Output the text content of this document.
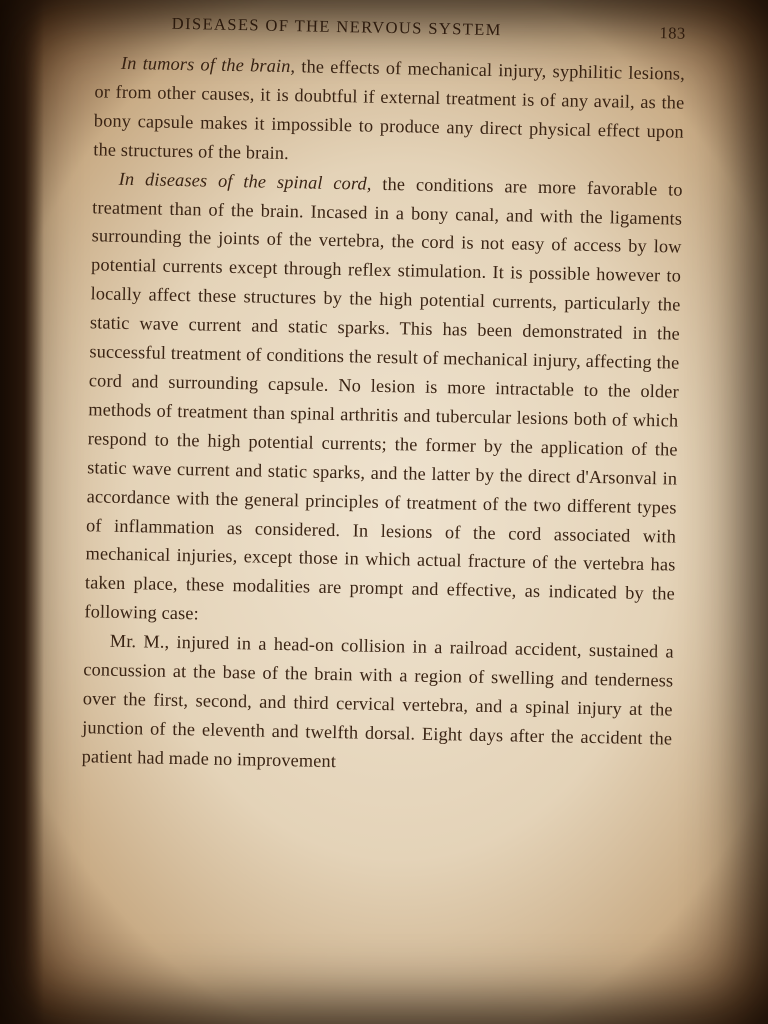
DISEASES OF THE NERVOUS SYSTEM	183

In tumors of the brain, the effects of mechanical injury, syphilitic lesions, or from other causes, it is doubtful if external treatment is of any avail, as the bony capsule makes it impossible to produce any direct physical effect upon the structures of the brain.

In diseases of the spinal cord, the conditions are more favorable to treatment than of the brain. Incased in a bony canal, and with the ligaments surrounding the joints of the vertebra, the cord is not easy of access by low potential currents except through reflex stimulation. It is possible however to locally affect these structures by the high potential currents, particularly the static wave current and static sparks. This has been demonstrated in the successful treatment of conditions the result of mechanical injury, affecting the cord and surrounding capsule. No lesion is more intractable to the older methods of treatment than spinal arthritis and tubercular lesions both of which respond to the high potential currents; the former by the application of the static wave current and static sparks, and the latter by the direct d'Arsonval in accordance with the general principles of treatment of the two different types of inflammation as considered. In lesions of the cord associated with mechanical injuries, except those in which actual fracture of the vertebra has taken place, these modalities are prompt and effective, as indicated by the following case:

Mr. M., injured in a head-on collision in a railroad accident, sustained a concussion at the base of the brain with a region of swelling and tenderness over the first, second, and third cervical vertebra, and a spinal injury at the junction of the eleventh and twelfth dorsal. Eight days after the accident the patient had made no improvement
